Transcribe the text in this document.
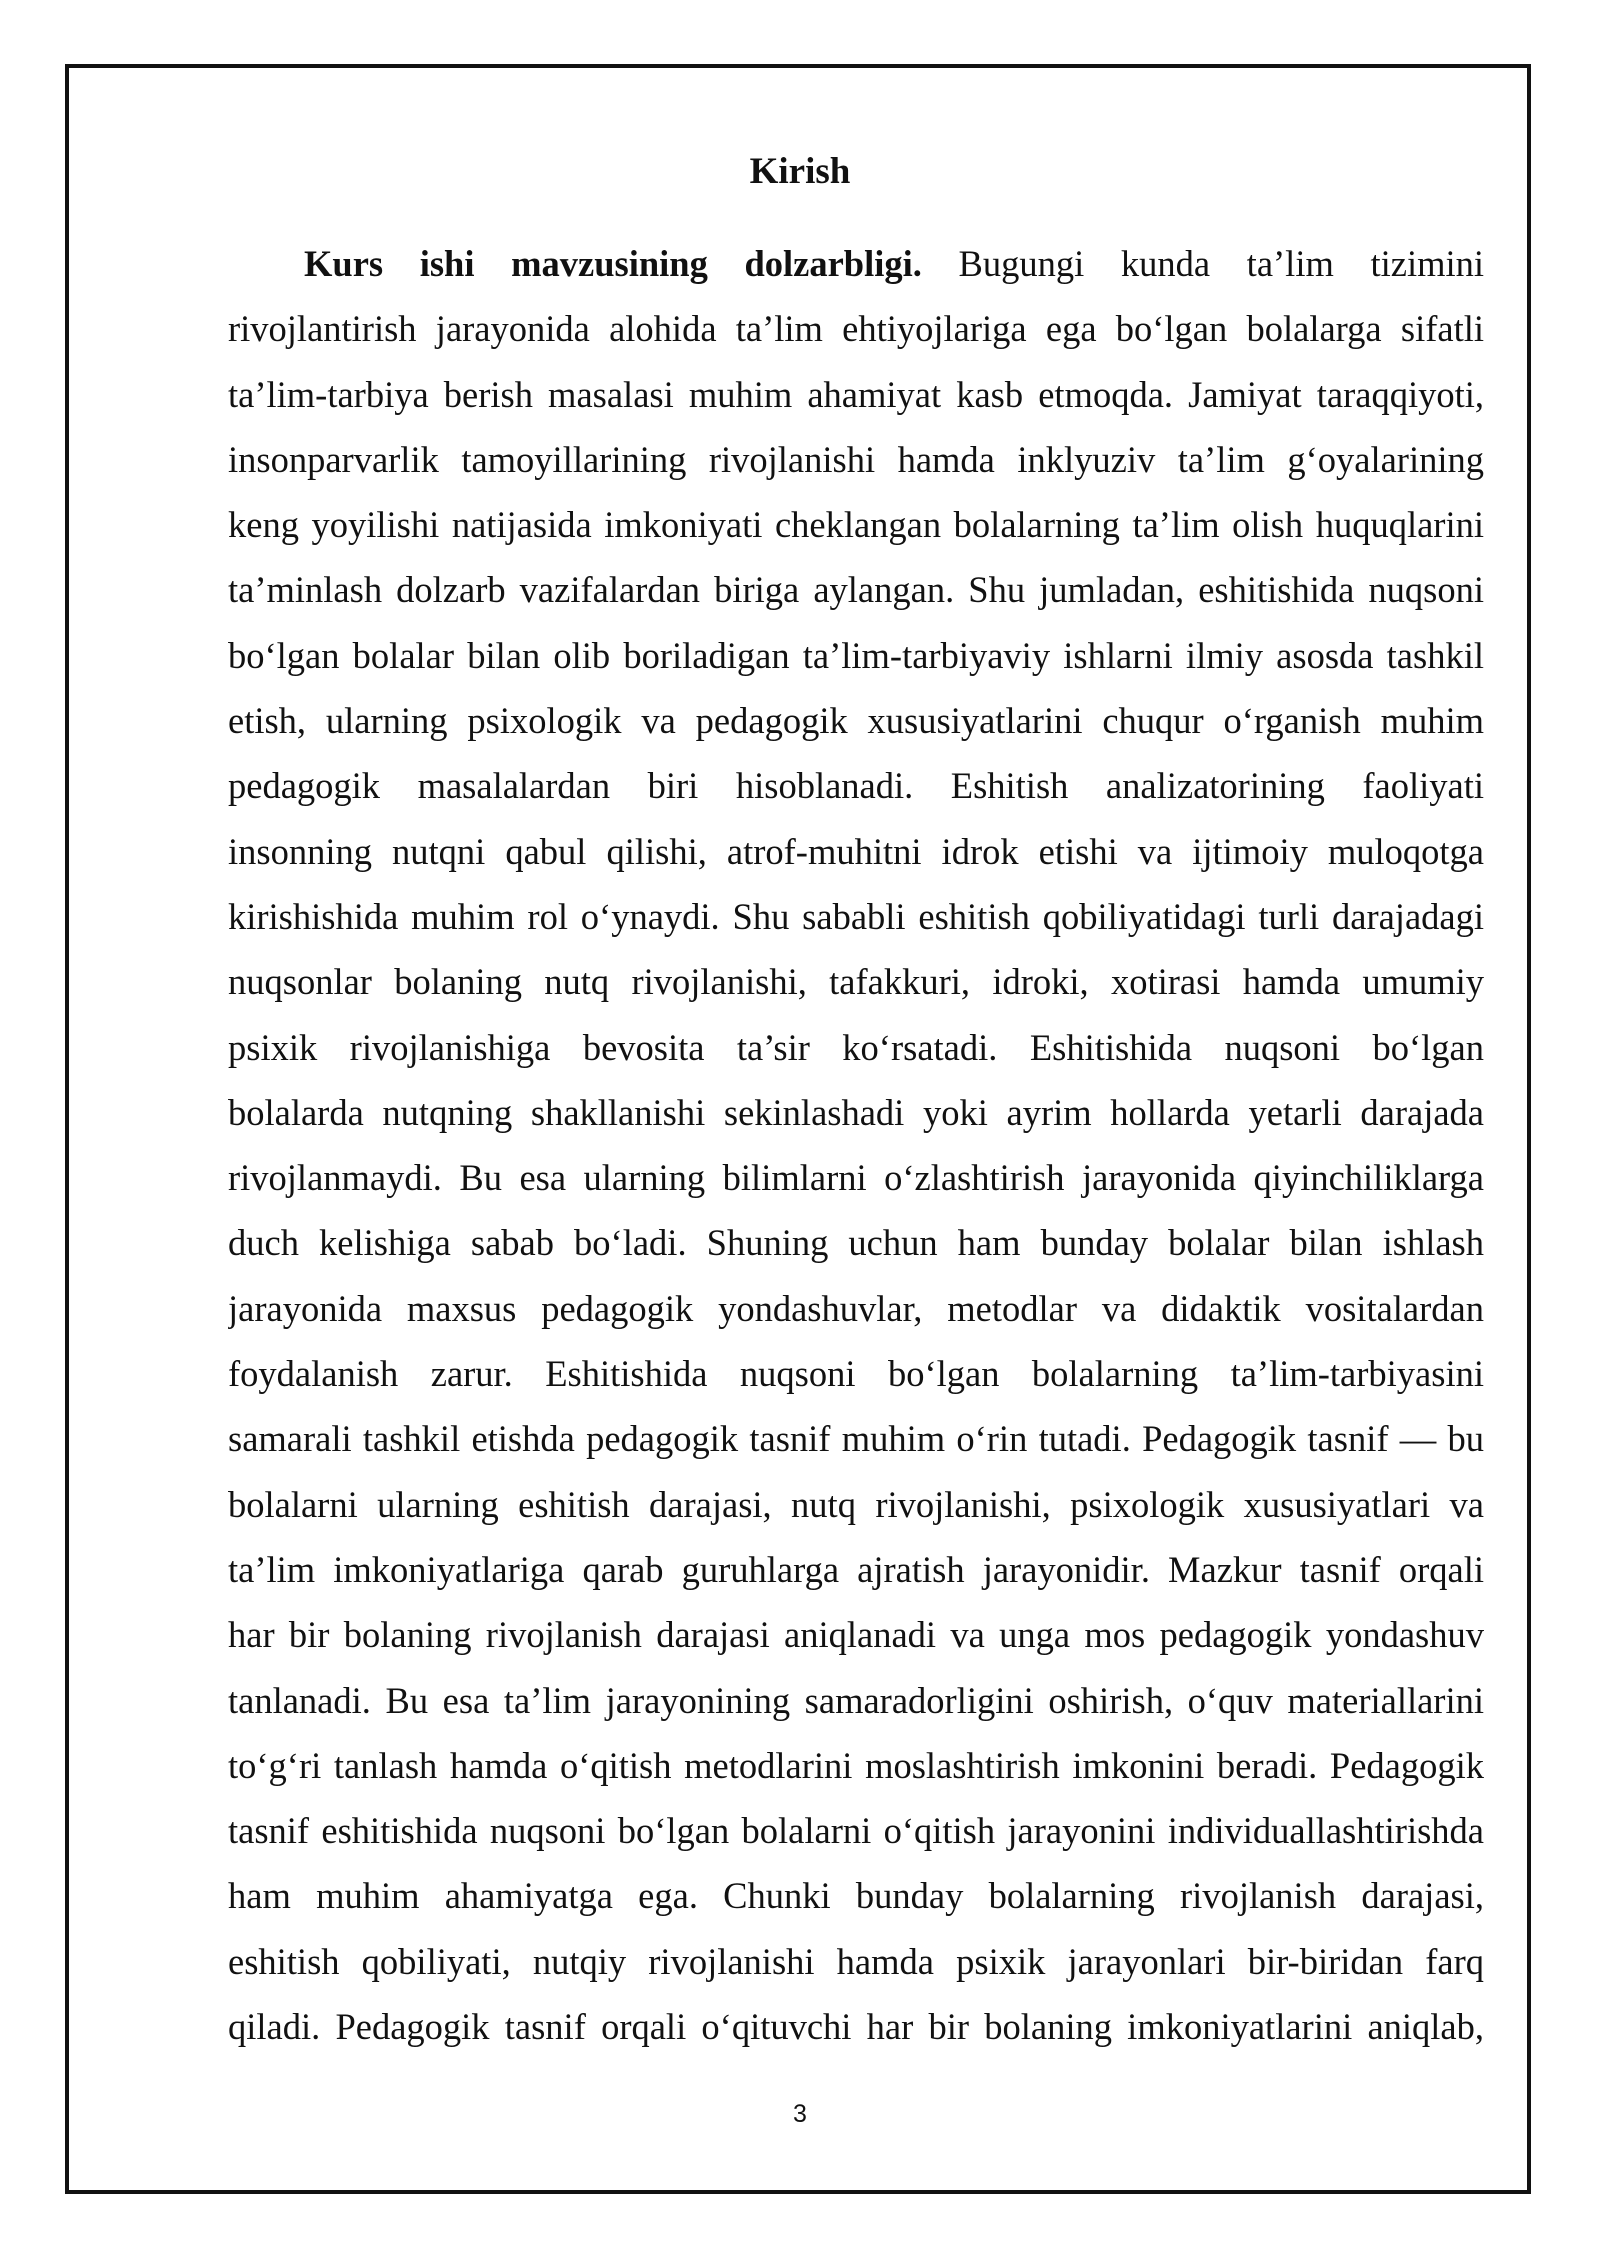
Kirish
Kurs ishi mavzusining dolzarbligi. Bugungi kunda ta’lim tizimini
rivojlantirish jarayonida alohida ta’lim ehtiyojlariga ega bo‘lgan bolalarga sifatli
ta’lim-tarbiya berish masalasi muhim ahamiyat kasb etmoqda. Jamiyat taraqqiyoti,
insonparvarlik tamoyillarining rivojlanishi hamda inklyuziv ta’lim g‘oyalarining
keng yoyilishi natijasida imkoniyati cheklangan bolalarning ta’lim olish huquqlarini
ta’minlash dolzarb vazifalardan biriga aylangan. Shu jumladan, eshitishida nuqsoni
bo‘lgan bolalar bilan olib boriladigan ta’lim-tarbiyaviy ishlarni ilmiy asosda tashkil
etish, ularning psixologik va pedagogik xususiyatlarini chuqur o‘rganish muhim
pedagogik masalalardan biri hisoblanadi. Eshitish analizatorining faoliyati
insonning nutqni qabul qilishi, atrof-muhitni idrok etishi va ijtimoiy muloqotga
kirishishida muhim rol o‘ynaydi. Shu sababli eshitish qobiliyatidagi turli darajadagi
nuqsonlar bolaning nutq rivojlanishi, tafakkuri, idroki, xotirasi hamda umumiy
psixik rivojlanishiga bevosita ta’sir ko‘rsatadi. Eshitishida nuqsoni bo‘lgan
bolalarda nutqning shakllanishi sekinlashadi yoki ayrim hollarda yetarli darajada
rivojlanmaydi. Bu esa ularning bilimlarni o‘zlashtirish jarayonida qiyinchiliklarga
duch kelishiga sabab bo‘ladi. Shuning uchun ham bunday bolalar bilan ishlash
jarayonida maxsus pedagogik yondashuvlar, metodlar va didaktik vositalardan
foydalanish zarur. Eshitishida nuqsoni bo‘lgan bolalarning ta’lim-tarbiyasini
samarali tashkil etishda pedagogik tasnif muhim o‘rin tutadi. Pedagogik tasnif — bu
bolalarni ularning eshitish darajasi, nutq rivojlanishi, psixologik xususiyatlari va
ta’lim imkoniyatlariga qarab guruhlarga ajratish jarayonidir. Mazkur tasnif orqali
har bir bolaning rivojlanish darajasi aniqlanadi va unga mos pedagogik yondashuv
tanlanadi. Bu esa ta’lim jarayonining samaradorligini oshirish, o‘quv materiallarini
to‘g‘ri tanlash hamda o‘qitish metodlarini moslashtirish imkonini beradi. Pedagogik
tasnif eshitishida nuqsoni bo‘lgan bolalarni o‘qitish jarayonini individuallashtirishda
ham muhim ahamiyatga ega. Chunki bunday bolalarning rivojlanish darajasi,
eshitish qobiliyati, nutqiy rivojlanishi hamda psixik jarayonlari bir-biridan farq
qiladi. Pedagogik tasnif orqali o‘qituvchi har bir bolaning imkoniyatlarini aniqlab,
3
